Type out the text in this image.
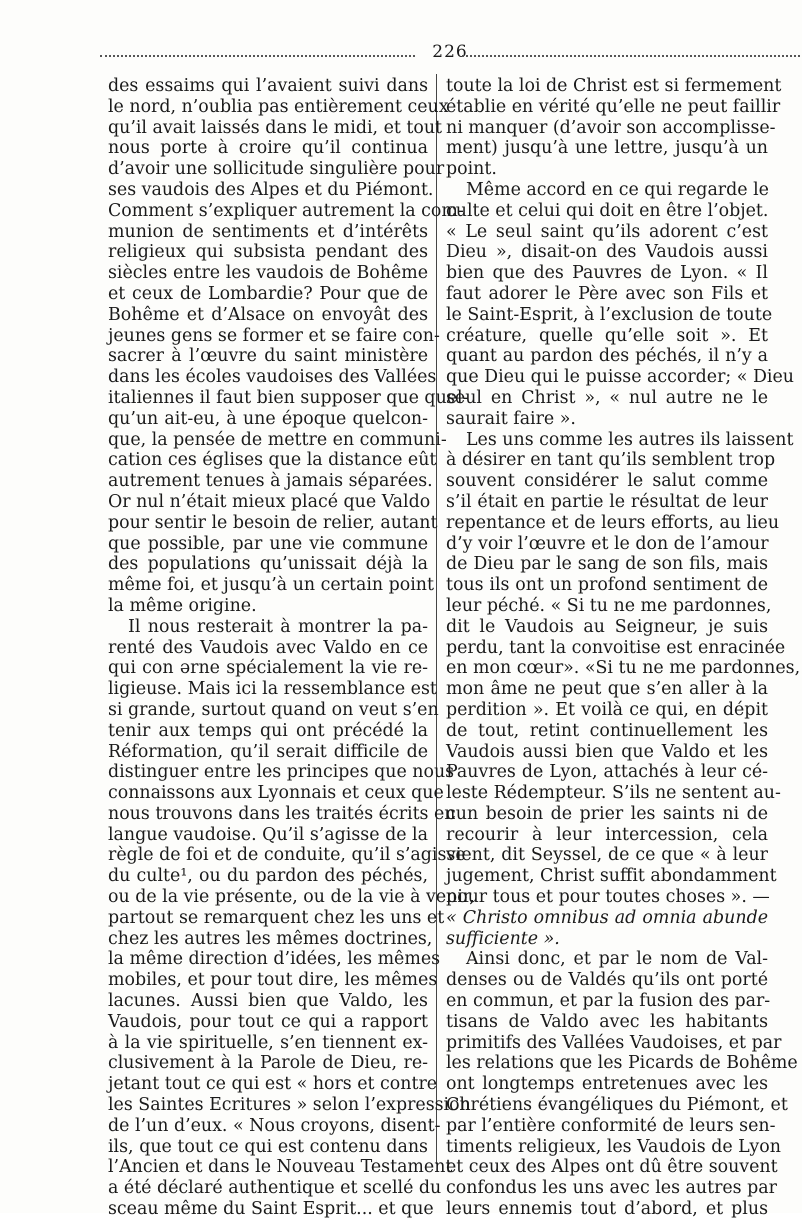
226
des essaims qui l’avaient suivi dans
le nord, n’oublia pas entièrement ceux
qu’il avait laissés dans le midi, et tout
nous porte à croire qu’il continua
d’avoir une sollicitude singulière pour
ses vaudois des Alpes et du Piémont.
Comment s’expliquer autrement la com-
munion de sentiments et d’intérêts
religieux qui subsista pendant des
siècles entre les vaudois de Bohême
et ceux de Lombardie? Pour que de
Bohême et d’Alsace on envoyât des
jeunes gens se former et se faire con-
sacrer à l’œuvre du saint ministère
dans les écoles vaudoises des Vallées
italiennes il faut bien supposer que quel-
qu’un ait-eu, à une époque quelcon-
que, la pensée de mettre en communi-
cation ces églises que la distance eût
autrement tenues à jamais séparées.
Or nul n’était mieux placé que Valdo
pour sentir le besoin de relier, autant
que possible, par une vie commune
des populations qu’unissait déjà la
même foi, et jusqu’à un certain point
la même origine.
Il nous resterait à montrer la pa-
renté des Vaudois avec Valdo en ce
qui con ərne spécialement la vie re-
ligieuse. Mais ici la ressemblance est
si grande, surtout quand on veut s’en
tenir aux temps qui ont précédé la
Réformation, qu’il serait difficile de
distinguer entre les principes que nous
connaissons aux Lyonnais et ceux que
nous trouvons dans les traités écrits en
langue vaudoise. Qu’il s’agisse de la
règle de foi et de conduite, qu’il s’agisse
du culte¹, ou du pardon des péchés,
ou de la vie présente, ou de la vie à venir,
partout se remarquent chez les uns et
chez les autres les mêmes doctrines,
la même direction d’idées, les mêmes
mobiles, et pour tout dire, les mêmes
lacunes. Aussi bien que Valdo, les
Vaudois, pour tout ce qui a rapport
à la vie spirituelle, s’en tiennent ex-
clusivement à la Parole de Dieu, re-
jetant tout ce qui est « hors et contre
les Saintes Ecritures » selon l’expression
de l’un d’eux. « Nous croyons, disent-
ils, que tout ce qui est contenu dans
l’Ancien et dans le Nouveau Testament
a été déclaré authentique et scellé du
sceau même du Saint Esprit... et que
toute la loi de Christ est si fermement
établie en vérité qu’elle ne peut faillir
ni manquer (d’avoir son accomplisse-
ment) jusqu’à une lettre, jusqu’à un
point.
Même accord en ce qui regarde le
culte et celui qui doit en être l’objet.
« Le seul saint qu’ils adorent c’est
Dieu », disait-on des Vaudois aussi
bien que des Pauvres de Lyon. « Il
faut adorer le Père avec son Fils et
le Saint-Esprit, à l’exclusion de toute
créature, quelle qu’elle soit ». Et
quant au pardon des péchés, il n’y a
que Dieu qui le puisse accorder; « Dieu
seul en Christ », « nul autre ne le
saurait faire ».
Les uns comme les autres ils laissent
à désirer en tant qu’ils semblent trop
souvent considérer le salut comme
s’il était en partie le résultat de leur
repentance et de leurs efforts, au lieu
d’y voir l’œuvre et le don de l’amour
de Dieu par le sang de son fils, mais
tous ils ont un profond sentiment de
leur péché. « Si tu ne me pardonnes,
dit le Vaudois au Seigneur, je suis
perdu, tant la convoitise est enracinée
en mon cœur». «Si tu ne me pardonnes,
mon âme ne peut que s’en aller à la
perdition ». Et voilà ce qui, en dépit
de tout, retint continuellement les
Vaudois aussi bien que Valdo et les
Pauvres de Lyon, attachés à leur cé-
leste Rédempteur. S’ils ne sentent au-
cun besoin de prier les saints ni de
recourir à leur intercession, cela
vient, dit Seyssel, de ce que « à leur
jugement, Christ suffit abondamment
pour tous et pour toutes choses ». —
« Christo omnibus ad omnia abunde
sufficiente ».
Ainsi donc, et par le nom de Val-
denses ou de Valdés qu’ils ont porté
en commun, et par la fusion des par-
tisans de Valdo avec les habitants
primitifs des Vallées Vaudoises, et par
les relations que les Picards de Bohême
ont longtemps entretenues avec les
Chrétiens évangéliques du Piémont, et
par l’entière conformité de leurs sen-
timents religieux, les Vaudois de Lyon
et ceux des Alpes ont dû être souvent
confondus les uns avec les autres par
leurs ennemis tout d’abord, et plus
